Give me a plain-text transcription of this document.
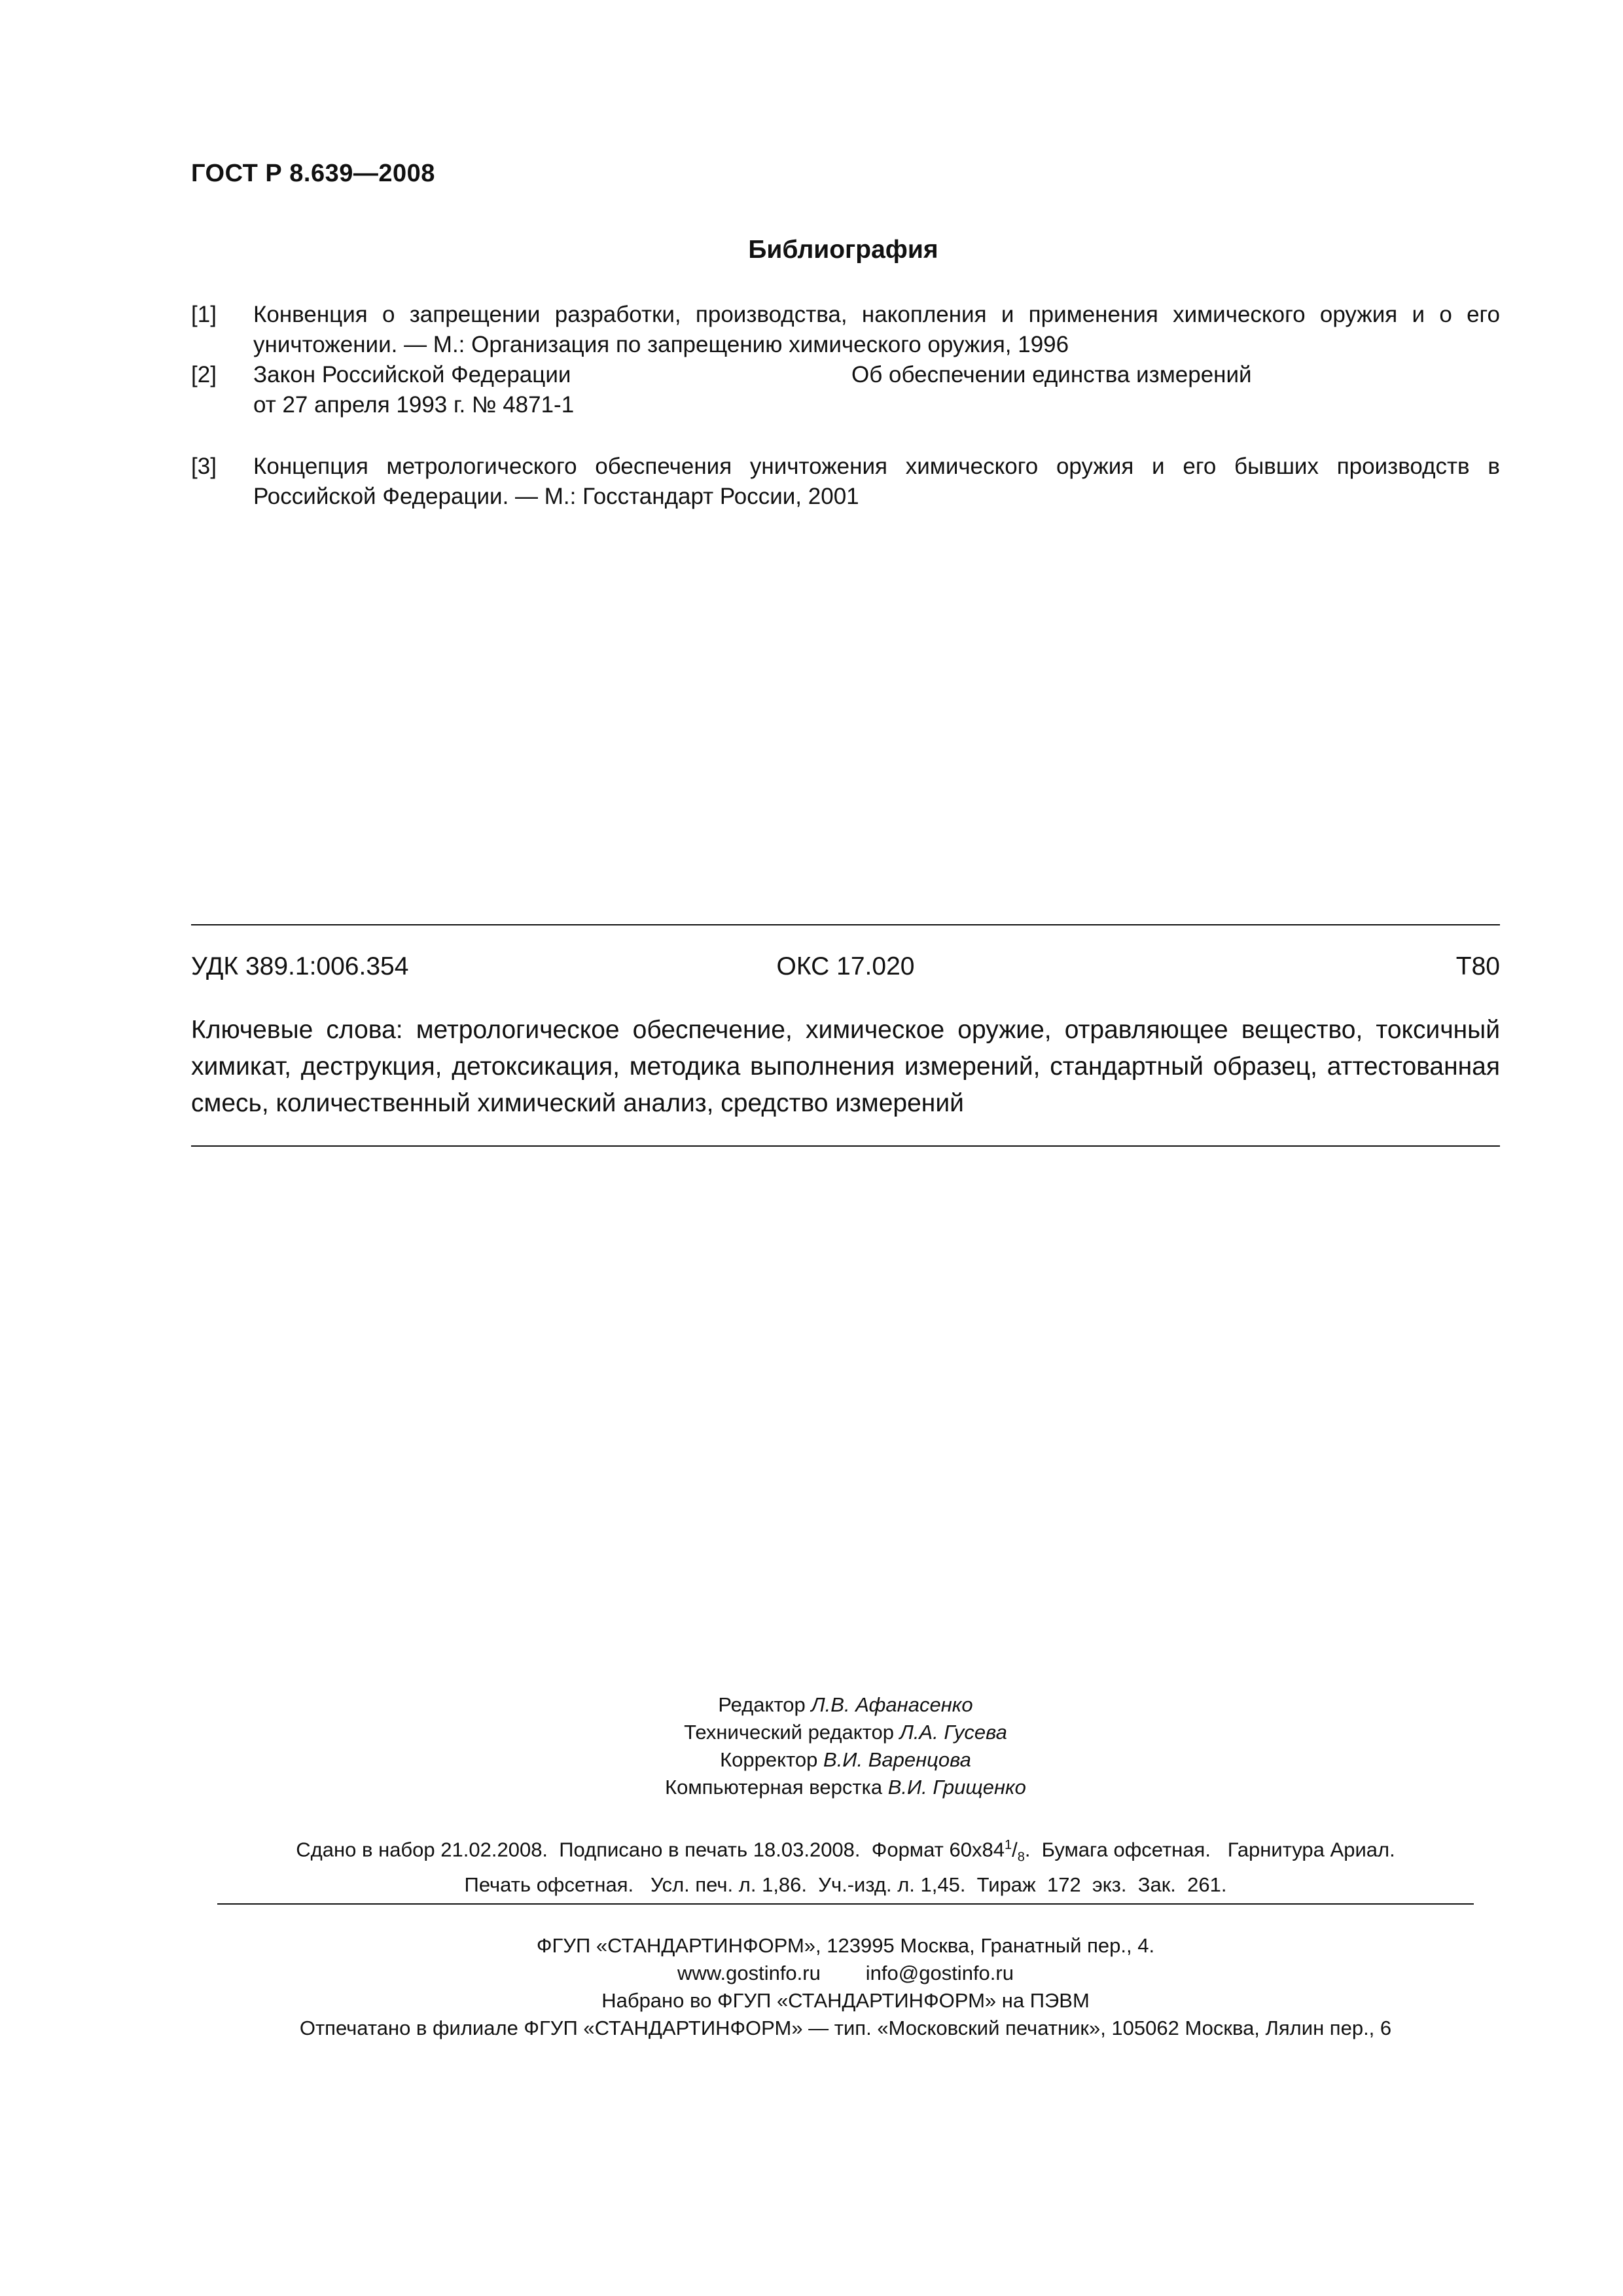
ГОСТ Р 8.639—2008
Библиография
[1] Конвенция о запрещении разработки, производства, накопления и применения химического оружия и о его уничтожении. — М.: Организация по запрещению химического оружия, 1996
[2] Закон Российской Федерации	Об обеспечении единства измерений
от 27 апреля 1993 г. № 4871-1
[3] Концепция метрологического обеспечения уничтожения химического оружия и его бывших производств в Российской Федерации. — М.: Госстандарт России, 2001
УДК 389.1:006.354	ОКС 17.020	Т80
Ключевые слова: метрологическое обеспечение, химическое оружие, отравляющее вещество, токсичный химикат, деструкция, детоксикация, методика выполнения измерений, стандартный образец, аттестованная смесь, количественный химический анализ, средство измерений
Редактор Л.В. Афанасенко
Технический редактор Л.А. Гусева
Корректор В.И. Варенцова
Компьютерная верстка В.И. Грищенко
Сдано в набор 21.02.2008.  Подписано в печать 18.03.2008.  Формат $60x84^1/_8$.  Бумага офсетная.   Гарнитура Ариал.
Печать офсетная.   Усл. печ. л. 1,86.  Уч.-изд. л. 1,45.  Тираж  172  экз.  Зак.  261.
ФГУП «СТАНДАРТИНФОРМ», 123995 Москва, Гранатный пер., 4.
www.gostinfo.ru info@gostinfo.ru
Набрано во ФГУП «СТАНДАРТИНФОРМ» на ПЭВМ
Отпечатано в филиале ФГУП «СТАНДАРТИНФОРМ» — тип. «Московский печатник», 105062 Москва, Лялин пер., 6
